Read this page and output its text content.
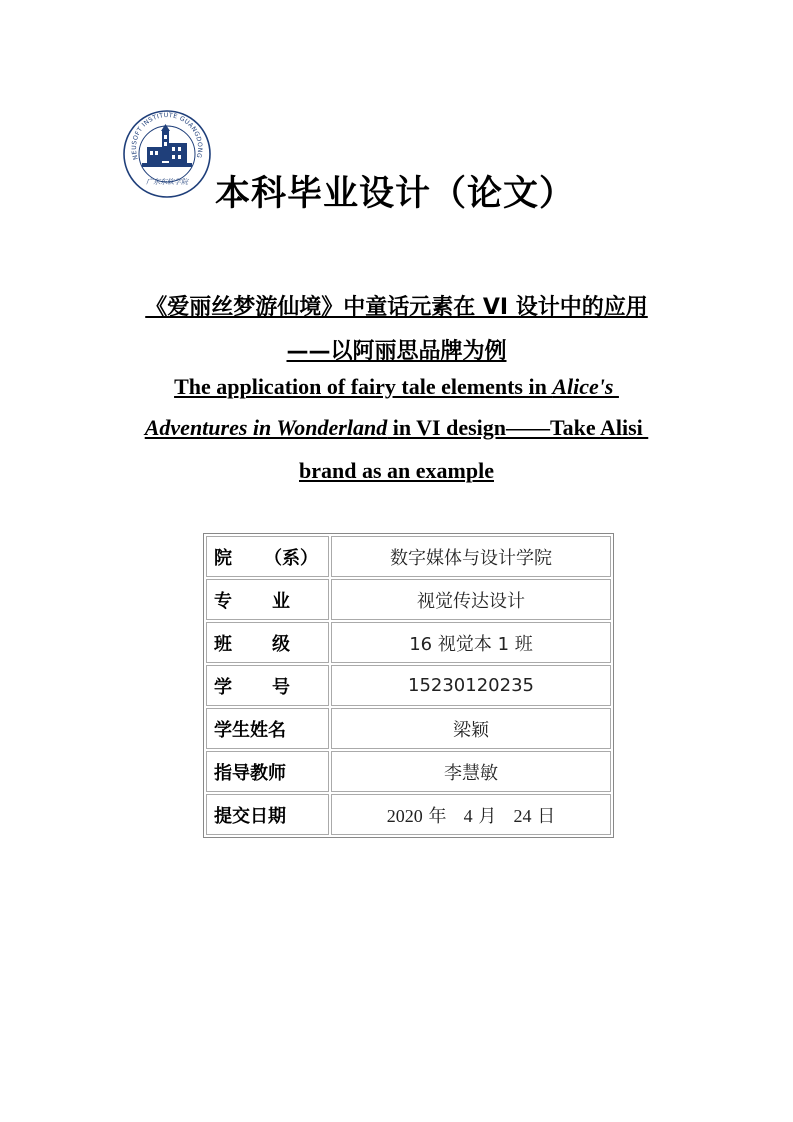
NEUSOFT INSTITUTE GUANGDONG
广东东软学院 本科毕业设计（论文）
《爱丽丝梦游仙境》中童话元素在 VI 设计中的应用
——以阿丽思品牌为例
The application of fairy tale elements in Alice's
Adventures in Wonderland in VI design——Take Alisi
brand as an example
院 （系）	数字媒体与设计学院
专 业	视觉传达设计
班 级	16 视觉本 1 班
学 号	15230120235
学生姓名	梁颖
指导教师	李慧敏
提交日期	2020 年 4 月 24 日
